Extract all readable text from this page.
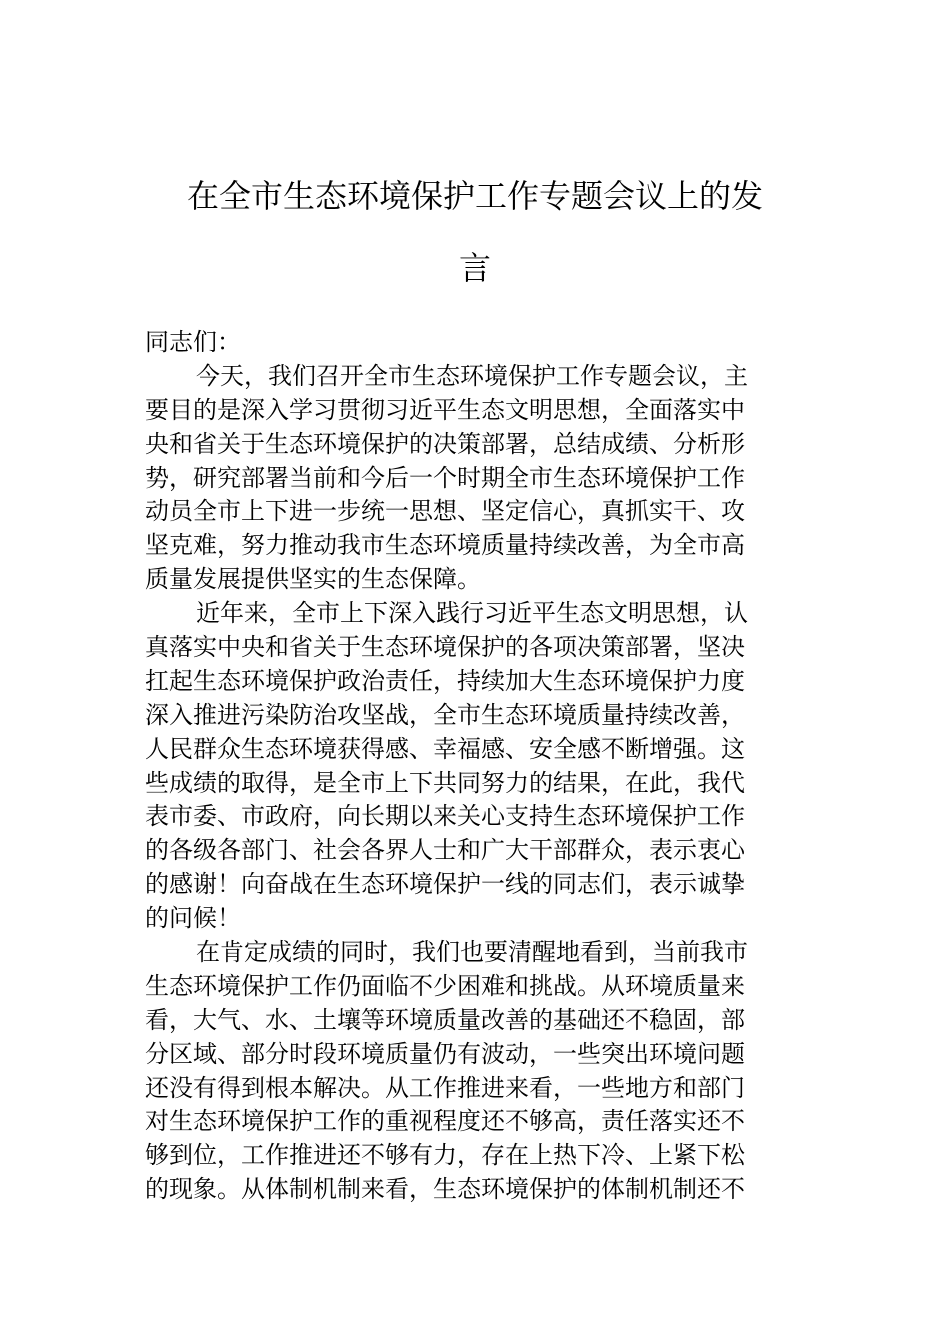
在全市生态环境保护工作专题会议上的发
言
同志们：
今天，我们召开全市生态环境保护工作专题会议，主
要目的是深入学习贯彻习近平生态文明思想，全面落实中
央和省关于生态环境保护的决策部署，总结成绩、分析形
势，研究部署当前和今后一个时期全市生态环境保护工作
动员全市上下进一步统一思想、坚定信心，真抓实干、攻
坚克难，努力推动我市生态环境质量持续改善，为全市高
质量发展提供坚实的生态保障。
近年来，全市上下深入践行习近平生态文明思想，认
真落实中央和省关于生态环境保护的各项决策部署，坚决
扛起生态环境保护政治责任，持续加大生态环境保护力度
深入推进污染防治攻坚战，全市生态环境质量持续改善，
人民群众生态环境获得感、幸福感、安全感不断增强。这
些成绩的取得，是全市上下共同努力的结果，在此，我代
表市委、市政府，向长期以来关心支持生态环境保护工作
的各级各部门、社会各界人士和广大干部群众，表示衷心
的感谢！向奋战在生态环境保护一线的同志们，表示诚挚
的问候！
在肯定成绩的同时，我们也要清醒地看到，当前我市
生态环境保护工作仍面临不少困难和挑战。从环境质量来
看，大气、水、土壤等环境质量改善的基础还不稳固，部
分区域、部分时段环境质量仍有波动，一些突出环境问题
还没有得到根本解决。从工作推进来看，一些地方和部门
对生态环境保护工作的重视程度还不够高，责任落实还不
够到位，工作推进还不够有力，存在上热下冷、上紧下松
的现象。从体制机制来看，生态环境保护的体制机制还不
